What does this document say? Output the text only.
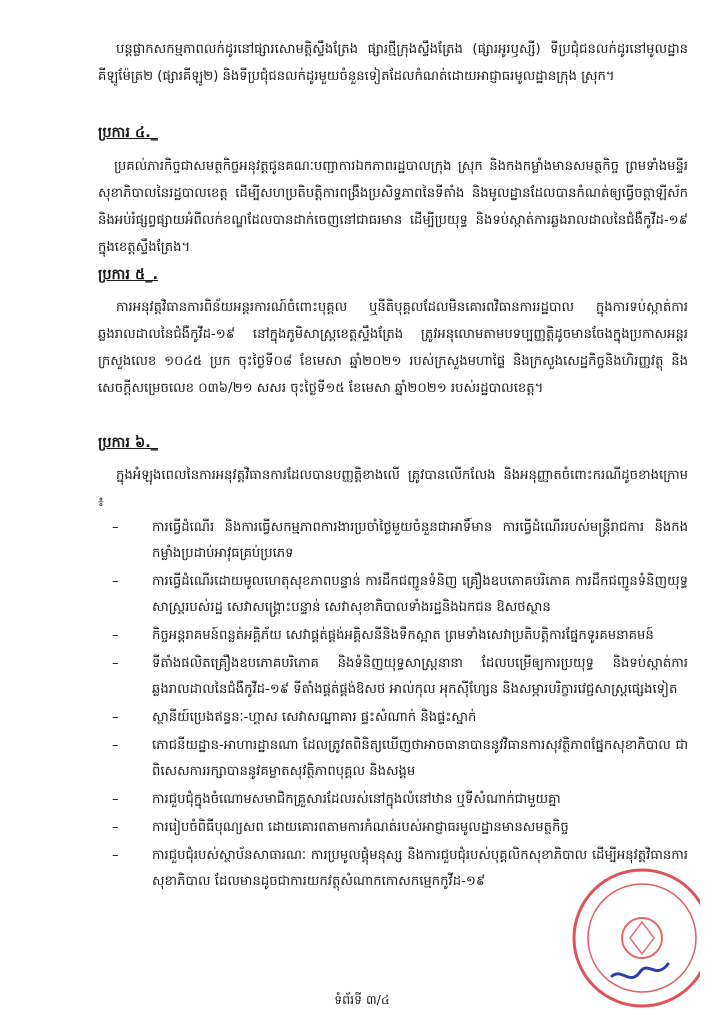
បន្តផ្លាកសកម្មភាពលក់ដូរនៅផ្សារសោមត្តិស្ទឹងត្រែង ផ្សារថ្មីក្រុងស្ទឹងត្រែង (ផ្សារអូរឫស្សី) ទីប្រជុំជនលក់ដូរនៅមូលដ្ឋានគីឡូម៉ែត្រ២ (ផ្សារគីឡូ២) និងទីប្រជុំជនលក់ដូរមួយចំនួនទៀតដែលកំណត់ដោយអាជ្ញាធរមូលដ្ឋានក្រុង ស្រុក។
ប្រការ ៤._
ប្រគល់ភារកិច្ចជាសមត្ថកិច្ចអនុវត្តជូនគណៈបញ្ជាការឯកភាពរដ្ឋបាលក្រុង ស្រុក និងកងកម្លាំងមានសមត្ថកិច្ច ព្រមទាំងមន្ទីរសុខាភិបាលនៃរដ្ឋបាលខេត្ត ដើម្បីសហប្រតិបត្តិការពង្រឹងប្រសិទ្ធភាពនៃទីតាំង និងមូលដ្ឋានដែលបានកំណត់ឲ្យធ្វើចត្តាឡីស័ក និងអប់រំផ្សព្វផ្សាយអំពីលក់ខណ្ឌដែលបានដាក់ចេញនៅជាធរមាន ដើម្បីប្រយុទ្ធ និងទប់ស្កាត់ការឆ្លងរាលដាលនៃជំងឺកូវីដ-១៩ ក្នុងខេត្តស្ទឹងត្រែង។
ប្រការ ៥_.
ការអនុវត្តវិធានការពិន័យអន្តរការណ៍ចំពោះបុគ្គល ឬនីតិបុគ្គលដែលមិនគោរពវិធានការរដ្ឋបាល ក្នុងការទប់ស្កាត់ការឆ្លងរាលដាលនៃជំងឺកូវីដ-១៩ នៅក្នុងភូមិសាស្ត្រខេត្តស្ទឹងត្រែង ត្រូវអនុលោមតាមបទប្បញ្ញត្តិដូចមានចែងក្នុងប្រកាសអន្តរក្រសួងលេខ ១០៤៥ ប្រក ចុះថ្ងៃទី០៨ ខែមេសា ឆ្នាំ២០២១ របស់ក្រសួងមហាផ្ទៃ និងក្រសួងសេដ្ឋកិច្ចនិងហិរញ្ញវត្ថុ និងសេចក្តីសម្រេចលេខ ០៣៦/២១ សសរ ចុះថ្ងៃទី១៥ ខែមេសា ឆ្នាំ២០២១ របស់រដ្ឋបាលខេត្ត។
ប្រការ ៦._
ក្នុងអំឡុងពេលនៃការអនុវត្តវិធានការដែលបានបញ្ញត្តិខាងលើ ត្រូវបានលើកលែង និងអនុញ្ញាតចំពោះករណីដូចខាងក្រោម ៖
–	ការធ្វើដំណើរ និងការធ្វើសកម្មភាពការងារប្រចាំថ្ងៃមួយចំនួនជាអាទិ៍មាន ការធ្វើដំណើររបស់មន្ត្រីរាជការ និងកងកម្លាំងប្រដាប់អាវុធគ្រប់ប្រភេទ
–	ការធ្វើដំណើរដោយមូលហេតុសុខភាពបន្ទាន់ ការដឹកជញ្ជូនទំនិញ គ្រឿងឧបភោគបរិភោគ ការដឹកជញ្ជូនទំនិញយុទ្ធសាស្ត្ររបស់រដ្ឋ សេវាសង្គ្រោះបន្ទាន់ សេវាសុខាភិបាលទាំងរដ្ឋនិងឯកជន ឱសថស្ថាន
–	កិច្ចអន្តរាគមន៍ពន្លត់អគ្គិភ័យ សេវាផ្គត់ផ្គង់អគ្គិសនីនិងទឹកស្អាត ព្រមទាំងសេវាប្រតិបត្តិការផ្នែកទូរគមនាគមន៍
–	ទីតាំងផលិតគ្រឿងឧបភោគបរិភោគ និងទំនិញយុទ្ធសាស្ត្រនានា ដែលបម្រើឲ្យការប្រយុទ្ធ និងទប់ស្កាត់ការឆ្លងរាលដាលនៃជំងឺកូវីដ-១៩ ទីតាំងផ្គត់ផ្គង់ឱសថ អាល់កុល អុកស៊ីហ្សែន និងសម្ភារបរិក្ខារវេជ្ជសាស្ត្រផ្សេងទៀត
–	ស្ថានីយ៍ប្រេងឥន្ធនៈ-ហ្គាស សេវាសណ្ឋាគារ ផ្ទះសំណាក់ និងផ្ទះស្នាក់
–	ភោជនីយដ្ឋាន-អាហារដ្ឋានណា ដែលត្រូវតពិនិត្យឃើញថាអាចធានាបាននូវវិធានការសុវត្ថិភាពផ្នែកសុខាភិបាល ជាពិសេសការរក្សាបាននូវគម្លាតសុវត្ថិភាពបុគ្គល និងសង្គម
–	ការជួបជុំក្នុងចំណោមសមាជិកគ្រួសារដែលរស់នៅក្នុងលំនៅឋាន ឬទីសំណាក់ជាមួយគ្នា
–	ការរៀបចំពិធីបុណ្យសព ដោយគោរពតាមការកំណត់របស់អាជ្ញាធរមូលដ្ឋានមានសមត្ថកិច្ច
–	ការជួបជុំរបស់ស្ថាប័នសាធារណៈ ការប្រមូលផ្តុំមនុស្ស និងការជួបជុំរបស់បុគ្គលិកសុខាភិបាល ដើម្បីអនុវត្តវិធានការសុខាភិបាល ដែលមានដូចជាការយកវត្ថុសំណាកកោសកម្មេកកូវីដ-១៩
ទំព័រទី ៣/៤
